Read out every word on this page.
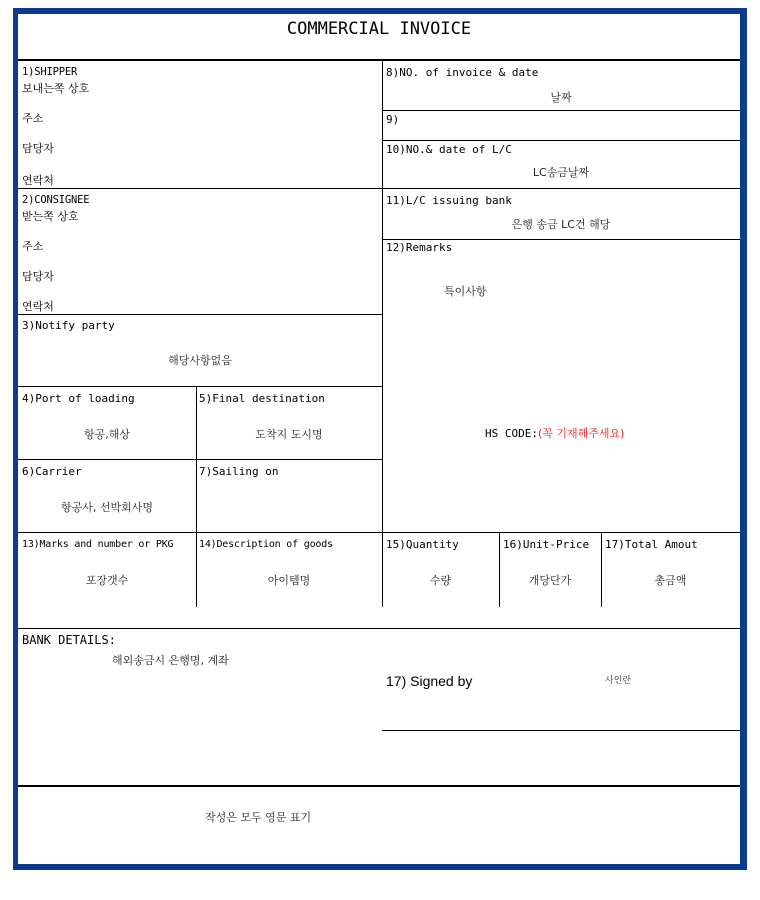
COMMERCIAL INVOICE
1)SHIPPER
보내는쪽 상호
주소
담당자
연락처
2)CONSIGNEE
받는쪽 상호
주소
담당자
연락처
3)Notify party
해당사항없음
4)Port of loading
항공,해상
5)Final destination
도착지 도시명
6)Carrier
항공사, 선박회사명
7)Sailing on
8)NO. of invoice & date
날짜
9)
10)NO.& date of L/C
LC송금날짜
11)L/C issuing bank
은행 송금 LC건 해당
12)Remarks
특이사항
HS CODE:(꼭 기재해주세요)
13)Marks and number or PKG
포장갯수
14)Description of goods
아이템명
15)Quantity
수량
16)Unit-Price
개당단가
17)Total Amout
총금액
BANK DETAILS:
해외송금시 은행명, 계좌
17) Signed by	사인란
작성은 모두 영문 표기
